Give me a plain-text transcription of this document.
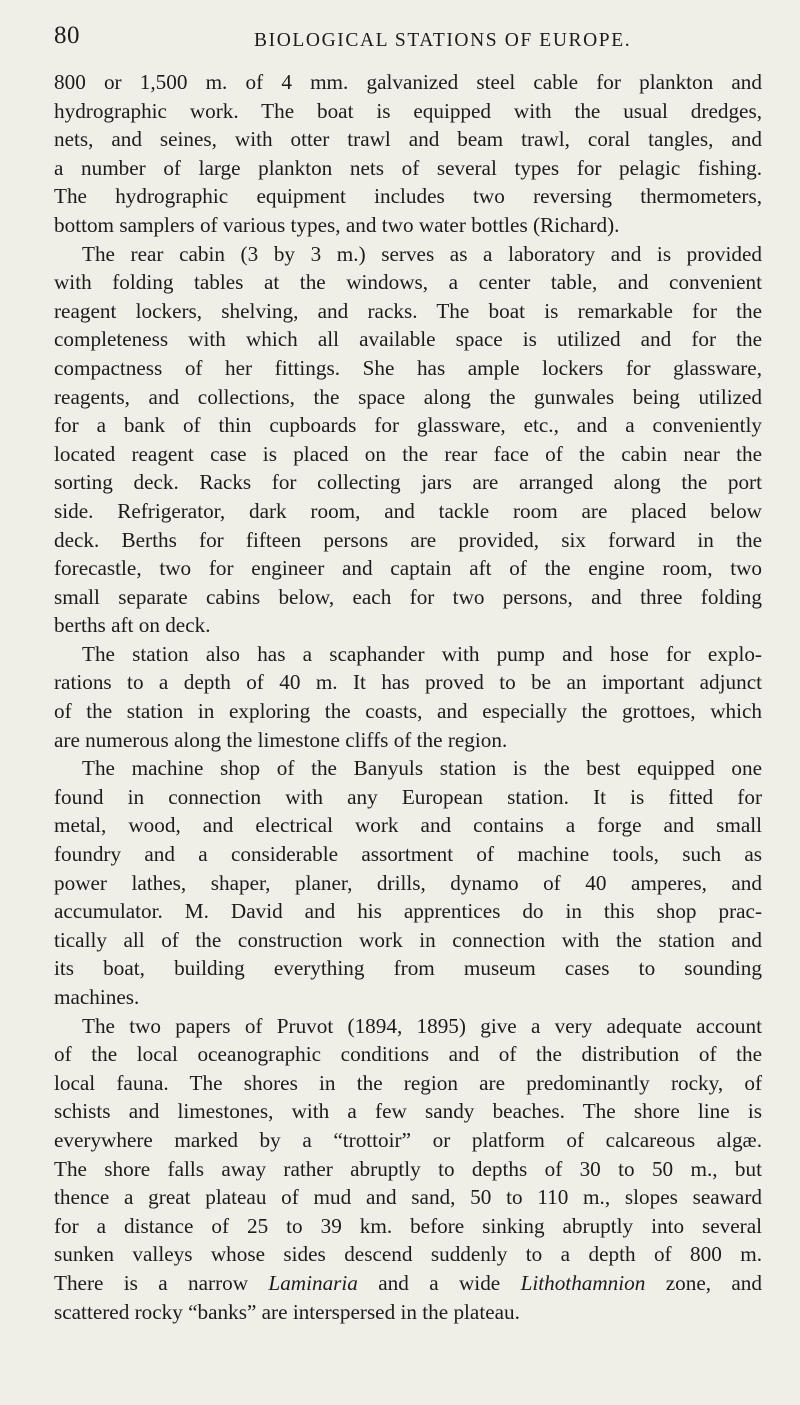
80	BIOLOGICAL STATIONS OF EUROPE.
800 or 1,500 m. of 4 mm. galvanized steel cable for plankton and
hydrographic work. The boat is equipped with the usual dredges,
nets, and seines, with otter trawl and beam trawl, coral tangles, and
a number of large plankton nets of several types for pelagic fishing.
The hydrographic equipment includes two reversing thermometers,
bottom samplers of various types, and two water bottles (Richard).
The rear cabin (3 by 3 m.) serves as a laboratory and is provided
with folding tables at the windows, a center table, and convenient
reagent lockers, shelving, and racks. The boat is remarkable for the
completeness with which all available space is utilized and for the
compactness of her fittings. She has ample lockers for glassware,
reagents, and collections, the space along the gunwales being utilized
for a bank of thin cupboards for glassware, etc., and a conveniently
located reagent case is placed on the rear face of the cabin near the
sorting deck. Racks for collecting jars are arranged along the port
side. Refrigerator, dark room, and tackle room are placed below
deck. Berths for fifteen persons are provided, six forward in the
forecastle, two for engineer and captain aft of the engine room, two
small separate cabins below, each for two persons, and three folding
berths aft on deck.
The station also has a scaphander with pump and hose for explo-
rations to a depth of 40 m. It has proved to be an important adjunct
of the station in exploring the coasts, and especially the grottoes, which
are numerous along the limestone cliffs of the region.
The machine shop of the Banyuls station is the best equipped one
found in connection with any European station. It is fitted for
metal, wood, and electrical work and contains a forge and small
foundry and a considerable assortment of machine tools, such as
power lathes, shaper, planer, drills, dynamo of 40 amperes, and
accumulator. M. David and his apprentices do in this shop prac-
tically all of the construction work in connection with the station and
its boat, building everything from museum cases to sounding
machines.
The two papers of Pruvot (1894, 1895) give a very adequate account
of the local oceanographic conditions and of the distribution of the
local fauna. The shores in the region are predominantly rocky, of
schists and limestones, with a few sandy beaches. The shore line is
everywhere marked by a “trottoir” or platform of calcareous algæ.
The shore falls away rather abruptly to depths of 30 to 50 m., but
thence a great plateau of mud and sand, 50 to 110 m., slopes seaward
for a distance of 25 to 39 km. before sinking abruptly into several
sunken valleys whose sides descend suddenly to a depth of 800 m.
There is a narrow Laminaria and a wide Lithothamnion zone, and
scattered rocky “banks” are interspersed in the plateau.
